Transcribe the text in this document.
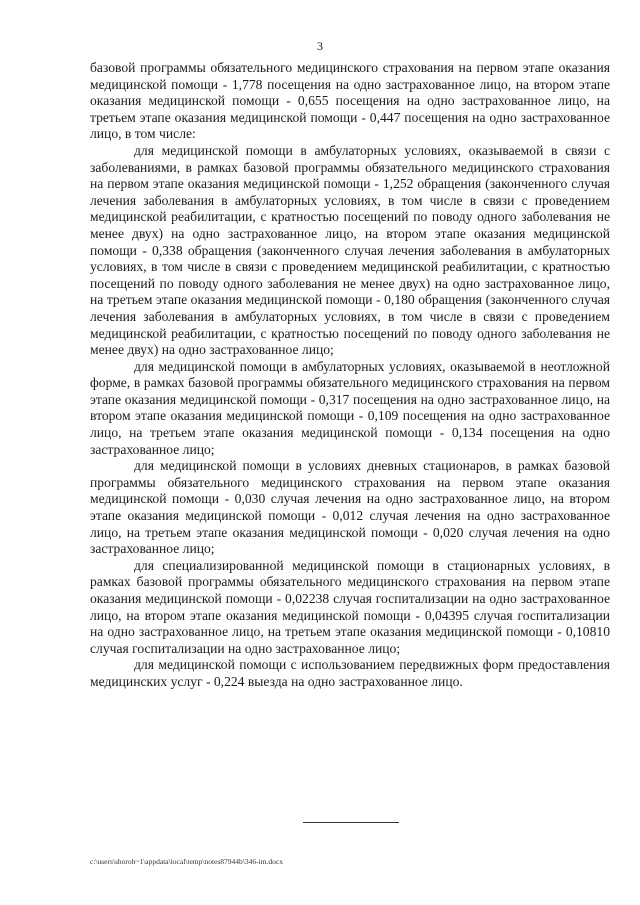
3

базовой программы обязательного медицинского страхования на первом этапе оказания медицинской помощи - 1,778 посещения на одно застрахованное лицо, на втором этапе оказания медицинской помощи - 0,655 посещения на одно застрахованное лицо, на третьем этапе оказания медицинской помощи - 0,447 посещения на одно застрахованное лицо, в том числе:

для медицинской помощи в амбулаторных условиях, оказываемой в связи с заболеваниями, в рамках базовой программы обязательного медицинского страхования на первом этапе оказания медицинской помощи - 1,252 обращения (законченного случая лечения заболевания в амбулаторных условиях, в том числе в связи с проведением медицинской реабилитации, с кратностью посещений по поводу одного заболевания не менее двух) на одно застрахованное лицо, на втором этапе оказания медицинской помощи - 0,338 обращения (законченного случая лечения заболевания в амбулаторных условиях, в том числе в связи с проведением медицинской реабилитации, с кратностью посещений по поводу одного заболевания не менее двух) на одно застрахованное лицо, на третьем этапе оказания медицинской помощи - 0,180 обращения (законченного случая лечения заболевания в амбулаторных условиях, в том числе в связи с проведением медицинской реабилитации, с кратностью посещений по поводу одного заболевания не менее двух) на одно застрахованное лицо;

для медицинской помощи в амбулаторных условиях, оказываемой в неотложной форме, в рамках базовой программы обязательного медицинского страхования на первом этапе оказания медицинской помощи - 0,317 посещения на одно застрахованное лицо, на втором этапе оказания медицинской помощи - 0,109 посещения на одно застрахованное лицо, на третьем этапе оказания медицинской помощи - 0,134 посещения на одно застрахованное лицо;

для медицинской помощи в условиях дневных стационаров, в рамках базовой программы обязательного медицинского страхования на первом этапе оказания медицинской помощи - 0,030 случая лечения на одно застрахованное лицо, на втором этапе оказания медицинской помощи - 0,012 случая лечения на одно застрахованное лицо, на третьем этапе оказания медицинской помощи - 0,020 случая лечения на одно застрахованное лицо;

для специализированной медицинской помощи в стационарных условиях, в рамках базовой программы обязательного медицинского страхования на первом этапе оказания медицинской помощи - 0,02238 случая госпитализации на одно застрахованное лицо, на втором этапе оказания медицинской помощи - 0,04395 случая госпитализации на одно застрахованное лицо, на третьем этапе оказания медицинской помощи - 0,10810 случая госпитализации на одно застрахованное лицо;

для медицинской помощи с использованием передвижных форм предоставления медицинских услуг - 0,224 выезда на одно застрахованное лицо.

c:\users\shoroh~1\appdata\local\temp\notes87944b\346-im.docx
